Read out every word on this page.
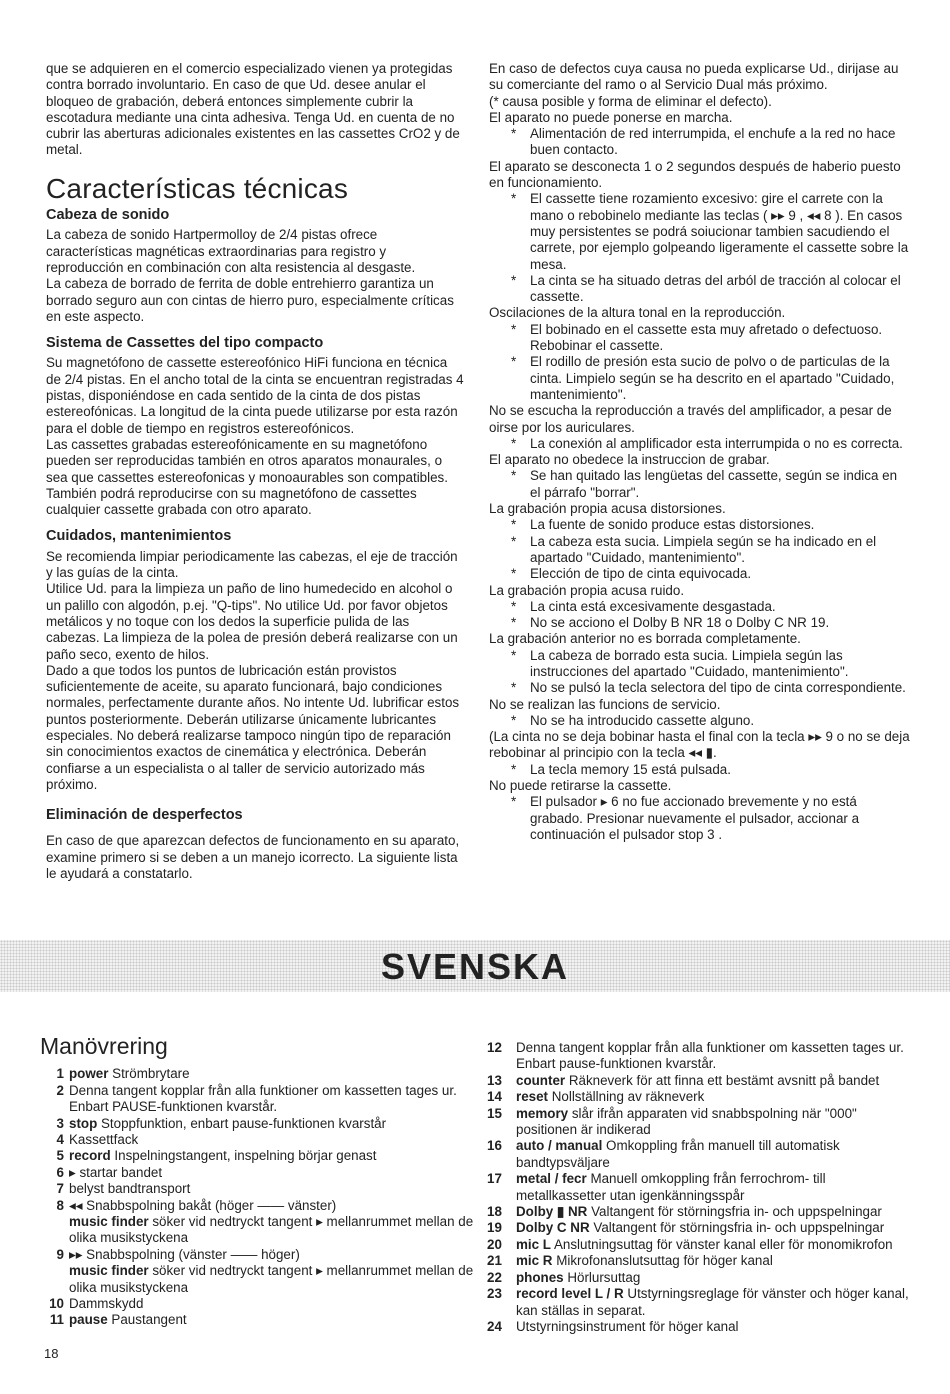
que se adquieren en el comercio especializado vienen ya protegidas contra borrado involuntario. En caso de que Ud. desee anular el bloqueo de grabación, deberá entonces simplemente cubrir la escotadura mediante una cinta adhesiva. Tenga Ud. en cuenta de no cubrir las aberturas adicionales existentes en las cassettes CrO2 y de metal.

Características técnicas
Cabeza de sonido

La cabeza de sonido Hartpermolloy de 2/4 pistas ofrece características magnéticas extraordinarias para registro y reproducción en combinación con alta resistencia al desgaste.

La cabeza de borrado de ferrita de doble entrehierro garantiza un borrado seguro aun con cintas de hierro puro, especialmente críticas en este aspecto.

Sistema de Cassettes del tipo compacto

Su magnetófono de cassette estereofónico HiFi funciona en técnica de 2/4 pistas. En el ancho total de la cinta se encuentran registradas 4 pistas, disponiéndose en cada sentido de la cinta de dos pistas estereofónicas. La longitud de la cinta puede utilizarse por esta razón para el doble de tiempo en registros estereofónicos.

Las cassettes grabadas estereofónicamente en su magnetófono pueden ser reproducidas también en otros aparatos monaurales, o sea que cassettes estereofonicas y monoaurables son compatibles. También podrá reproducirse con su magnetófono de cassettes cualquier cassette grabada con otro aparato.

Cuidados, mantenimientos

Se recomienda limpiar periodicamente las cabezas, el eje de tracción y las guías de la cinta.

Utilice Ud. para la limpieza un paño de lino humedecido en alcohol o un palillo con algodón, p.ej. "Q-tips". No utilice Ud. por favor objetos metálicos y no toque con los dedos la superficie pulida de las cabezas. La limpieza de la polea de presión deberá realizarse con un paño seco, exento de hilos.

Dado a que todos los puntos de lubricación están provistos suficientemente de aceite, su aparato funcionará, bajo condiciones normales, perfectamente durante años. No intente Ud. lubrificar estos puntos posteriormente. Deberán utilizarse únicamente lubricantes especiales. No deberá realizarse tampoco ningún tipo de reparación sin conocimientos exactos de cinemática y electrónica. Deberán confiarse a un especialista o al taller de servicio autorizado más próximo.

Eliminación de desperfectos

En caso de que aparezcan defectos de funcionamento en su aparato, examine primero si se deben a un manejo icorrecto. La siguiente lista le ayudará a constatarlo.

En caso de defectos cuya causa no pueda explicarse Ud., dirijase au su comerciante del ramo o al Servicio Dual más próximo.

(* causa posible y forma de eliminar el defecto).

El aparato no puede ponerse en marcha.

* Alimentación de red interrumpida, el enchufe a la red no hace buen contacto.

El aparato se desconecta 1 o 2 segundos después de haberio puesto en funcionamiento.

* El cassette tiene rozamiento excesivo: gire el carrete con la mano o rebobinelo mediante las teclas ( ▸▸ 9 , ◂◂ 8 ). En casos muy persistentes se podrá soiucionar tambien sacudiendo el carrete, por ejemplo golpeando ligeramente el cassette sobre la mesa.
* La cinta se ha situado detras del arból de tracción al colocar el cassette.

Oscilaciones de la altura tonal en la reproducción.

* El bobinado en el cassette esta muy afretado o defectuoso. Rebobinar el cassette.
* El rodillo de presión esta sucio de polvo o de particulas de la cinta. Limpielo según se ha descrito en el apartado "Cuidado, mantenimiento".

No se escucha la reproducción a través del amplificador, a pesar de oirse por los auriculares.

* La conexión al amplificador esta interrumpida o no es correcta.

El aparato no obedece la instruccion de grabar.

* Se han quitado las lengüetas del cassette, según se indica en el párrafo "borrar".

La grabación propia acusa distorsiones.

* La fuente de sonido produce estas distorsiones.
* La cabeza esta sucia. Limpiela según se ha indicado en el apartado "Cuidado, mantenimiento".
* Elección de tipo de cinta equivocada.

La grabación propia acusa ruido.

* La cinta está excesivamente desgastada.
* No se acciono el Dolby B NR 18 o Dolby C NR 19.

La grabación anterior no es borrada completamente.

* La cabeza de borrado esta sucia. Limpiela según las instrucciones del apartado "Cuidado, mantenimiento".
* No se pulsó la tecla selectora del tipo de cinta correspondiente.

No se realizan las funcions de servicio.

* No se ha introducido cassette alguno.

(La cinta no se deja bobinar hasta el final con la tecla ▸▸ 9 o no se deja rebobinar al principio con la tecla ◂◂ ▮.

* La tecla memory 15 está pulsada.

No puede retirarse la cassette.

* El pulsador ▸ 6 no fue accionado brevemente y no está grabado. Presionar nuevamente el pulsador, accionar a continuación el pulsador stop 3 .
SVENSKA
Manövrering
1 power Strömbrytare
2 Denna tangent kopplar från alla funktioner om kassetten tages ur. Enbart PAUSE-funktionen kvarstår.
3 stop Stoppfunktion, enbart pause-funktionen kvarstår
4 Kassettfack
5 record Inspelningstangent, inspelning börjar genast
6 ▸ startar bandet
7 belyst bandtransport
8 ◂◂ Snabbspolning bakåt (höger —— vänster)
music finder söker vid nedtryckt tangent ▸ mellanrummet mellan de olika musikstyckena
9 ▸▸ Snabbspolning (vänster —— höger)
music finder söker vid nedtryckt tangent ▸ mellanrummet mellan de olika musikstyckena
10 Dammskydd
11 pause Paustangent
12	Denna tangent kopplar från alla funktioner om kassetten tages ur. Enbart pause-funktionen kvarstår.
13	counter Räkneverk för att finna ett bestämt avsnitt på bandet
14	reset Nollställning av räkneverk
15	memory slår ifrån apparaten vid snabbspolning när "000" positionen är indikerad
16	auto / manual Omkoppling från manuell till automatisk bandtypsväljare
17	metal / fecr Manuell omkoppling från ferrochrom- till metallkassetter utan igenkänningsspår
18	Dolby ▮ NR Valtangent för störningsfria in- och uppspelningar
19	Dolby C NR Valtangent för störningsfria in- och uppspelningar
20	mic L Anslutningsuttag för vänster kanal eller för monomikrofon
21	mic R Mikrofonanslutsuttag för höger kanal
22	phones Hörlursuttag
23	record level L / R Utstyrningsreglage för vänster och höger kanal, kan ställas in separat.
24	Utstyrningsinstrument för höger kanal
18
